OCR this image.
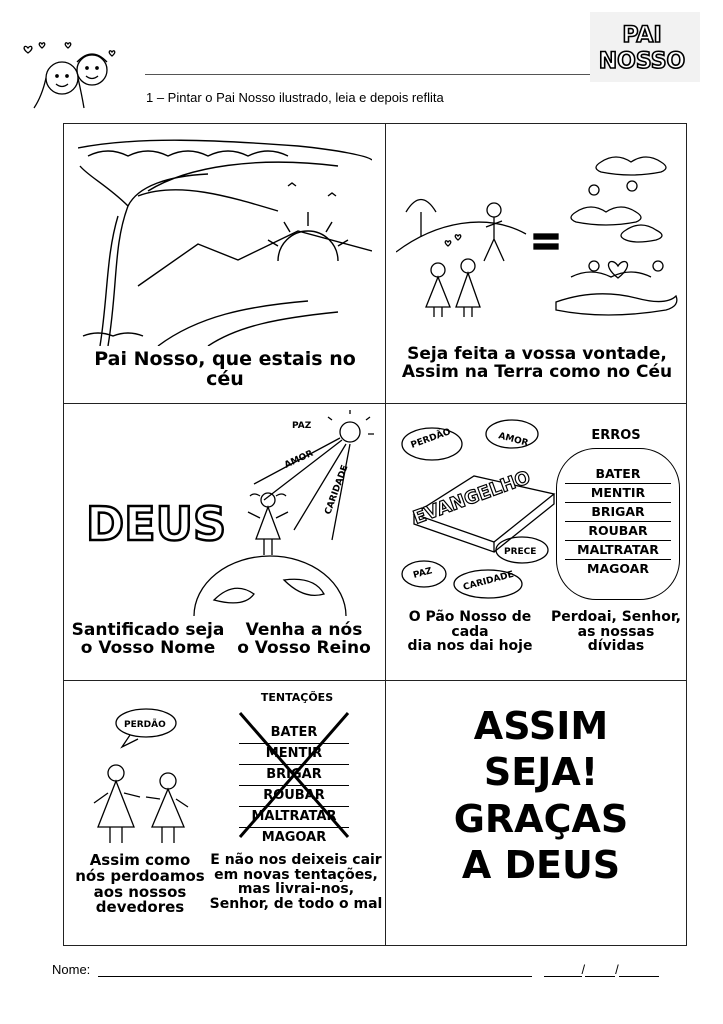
1 – Pintar o Pai Nosso ilustrado, leia e depois reflita
PAI
NOSSO
Pai Nosso, que estais no céu
Seja feita a vossa vontade,
Assim na Terra como no Céu
DEUS
PAZ
AMOR
CARIDADE
Santificado seja
o Vosso Nome
Venha a nós
o Vosso Reino
PERDÃO	AMOR
PRECE
PAZ	CARIDADE
EVANGELHO
ERROS
BATER
MENTIR
BRIGAR
ROUBAR
MALTRATAR
MAGOAR
O Pão Nosso de cada
dia nos dai hoje
Perdoai, Senhor,
as nossas dívidas
PERDÃO
TENTAÇÕES
BATER
MENTIR
BRIGAR
ROUBAR
MALTRATAR
MAGOAR
Assim como
nós perdoamos
aos nossos
devedores
E não nos deixeis cair
em novas tentações,
mas livrai-nos,
Senhor, de todo o mal
ASSIM
SEJA!
GRAÇAS
A DEUS
Nome:	/ /
